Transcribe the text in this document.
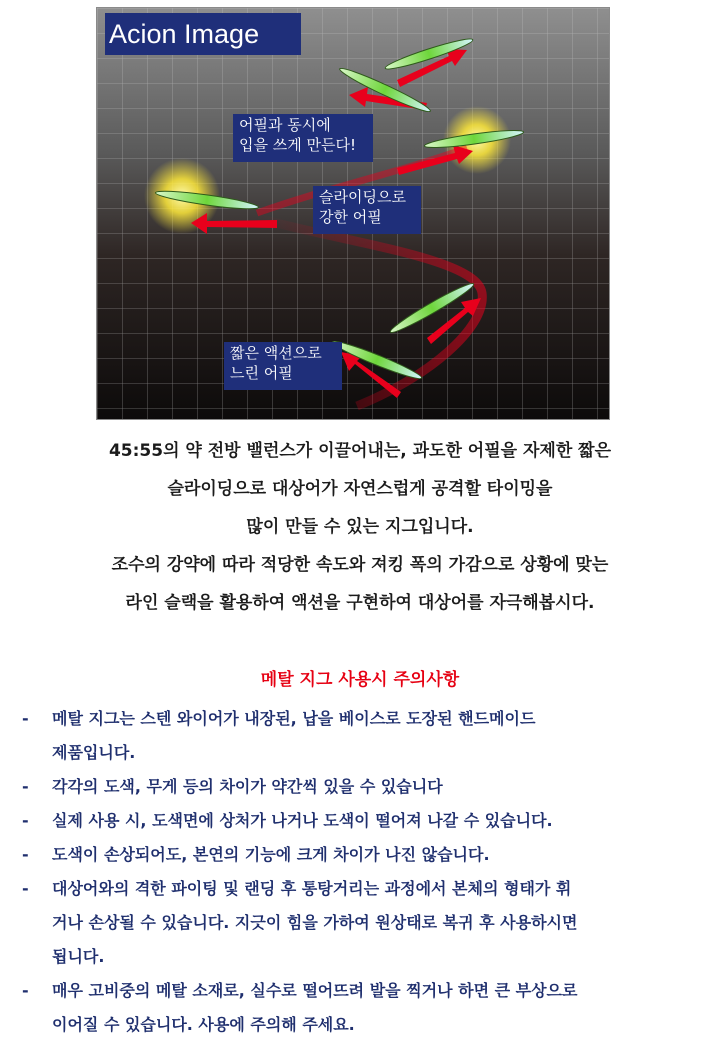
Acion Image
어필과 동시에
입을 쓰게 만든다!
슬라이딩으로
강한 어필
짧은 액션으로
느린 어필
45:55의 약 전방 밸런스가 이끌어내는, 과도한 어필을 자제한 짧은
슬라이딩으로 대상어가 자연스럽게 공격할 타이밍을
많이 만들 수 있는 지그입니다.
조수의 강약에 따라 적당한 속도와 져킹 폭의 가감으로 상황에 맞는
라인 슬랙을 활용하여 액션을 구현하여 대상어를 자극해봅시다.
메탈 지그 사용시 주의사항
- 메탈 지그는 스텐 와이어가 내장된, 납을 베이스로 도장된 핸드메이드
제품입니다.
- 각각의 도색, 무게 등의 차이가 약간씩 있을 수 있습니다
- 실제 사용 시, 도색면에 상처가 나거나 도색이 떨어져 나갈 수 있습니다.
- 도색이 손상되어도, 본연의 기능에 크게 차이가 나진 않습니다.
- 대상어와의 격한 파이팅 및 랜딩 후 통탕거리는 과정에서 본체의 형태가 휘
거나 손상될 수 있습니다. 지긋이 힘을 가하여 원상태로 복귀 후 사용하시면
됩니다.
- 매우 고비중의 메탈 소재로, 실수로 떨어뜨려 발을 찍거나 하면 큰 부상으로
이어질 수 있습니다. 사용에 주의해 주세요.
